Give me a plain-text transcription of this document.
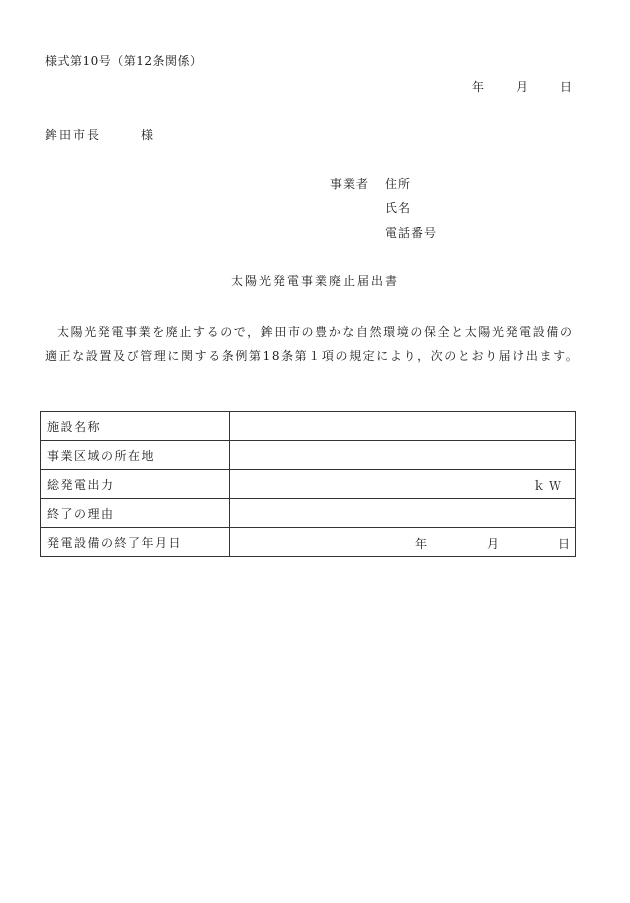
様式第10号（第12条関係）
年	月	日
鉾田市長	様
事業者 住所
氏名
電話番号
太陽光発電事業廃止届出書
太陽光発電事業を廃止するので，鉾田市の豊かな自然環境の保全と太陽光発電設備の適正な設置及び管理に関する条例第18条第１項の規定により，次のとおり届け出ます。
施設名称	
事業区域の所在地	
総発電出力	ｋＷ

終了の理由	
発電設備の終了年月日	年 月 日
